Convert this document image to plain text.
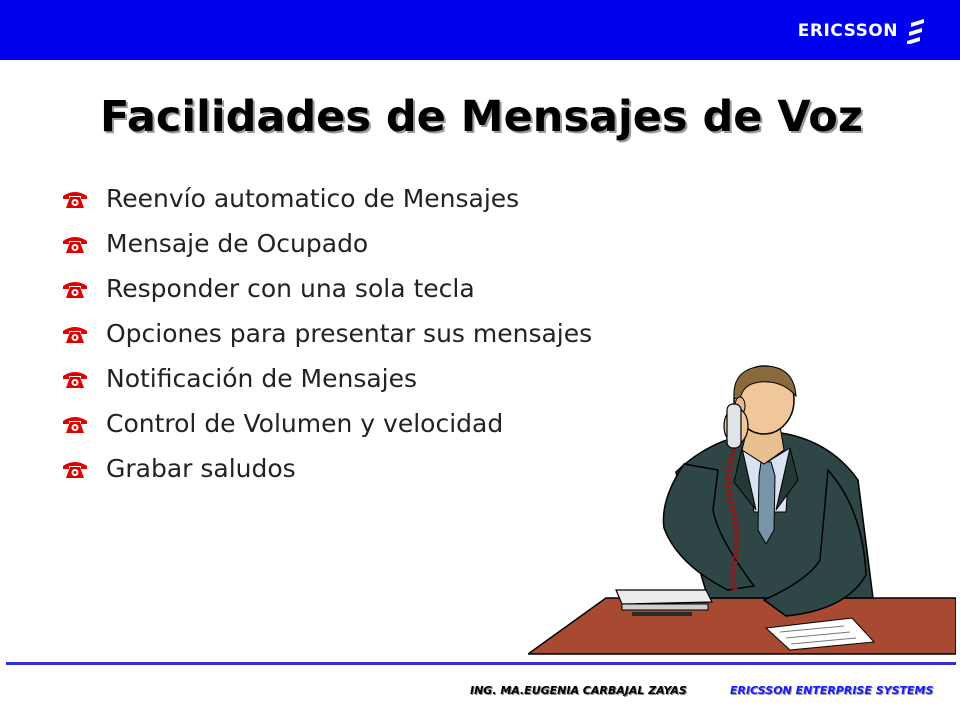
ERICSSON
Facilidades de Mensajes de Voz
Reenvío automatico de Mensajes
Mensaje de Ocupado
Responder con una sola tecla
Opciones para presentar sus mensajes
Notificación de Mensajes
Control de Volumen y velocidad
Grabar saludos
ING. MA.EUGENIA CARBAJAL ZAYAS	ERICSSON ENTERPRISE SYSTEMS
